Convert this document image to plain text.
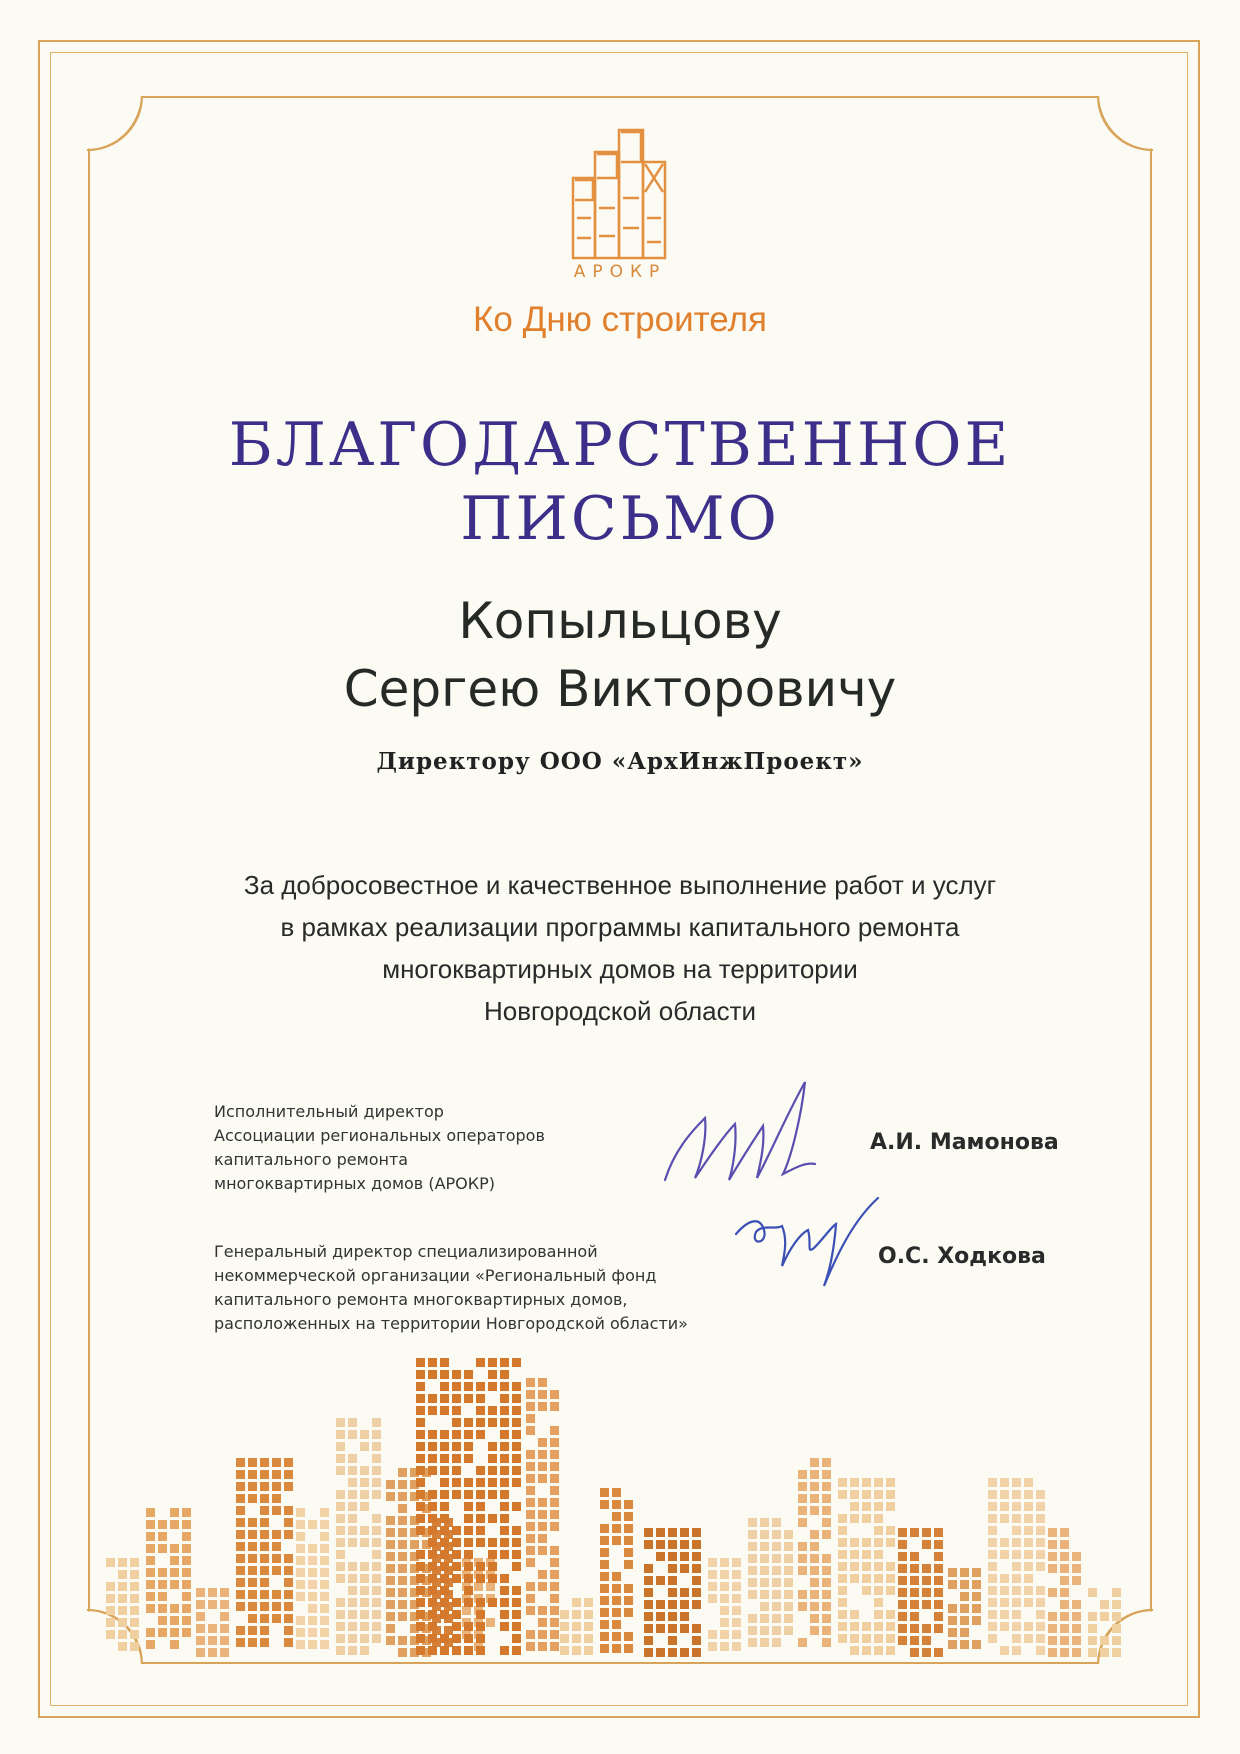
АРОКР
Ко Дню строителя
БЛАГОДАРСТВЕННОЕ
ПИСЬМО
Копыльцову
Сергею Викторовичу
Директору ООО «АрхИнжПроект»
За добросовестное и качественное выполнение работ и услуг
в рамках реализации программы капитального ремонта
многоквартирных домов на территории
Новгородской области
Исполнительный директор
Ассоциации региональных операторов
капитального ремонта
многоквартирных домов (АРОКР)
А.И. Мамонова
Генеральный директор специализированной
некоммерческой организации «Региональный фонд
капитального ремонта многоквартирных домов,
расположенных на территории Новгородской области»
О.С. Ходкова
